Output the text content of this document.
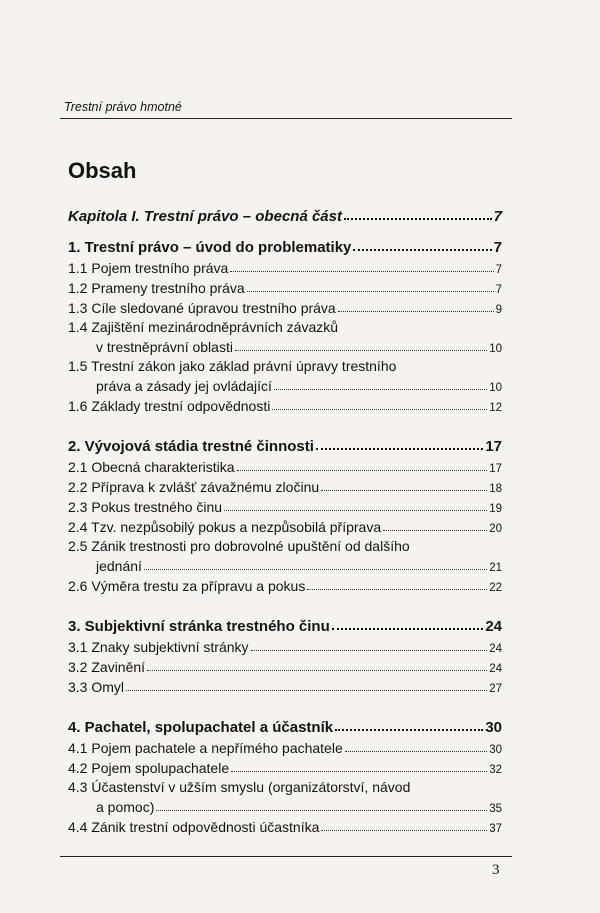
Trestní právo hmotné
Obsah
Kapitola I. Trestní právo – obecná část	7
1. Trestní právo – úvod do problematiky	7
1.1 Pojem trestního práva	7
1.2 Prameny trestního práva	7
1.3 Cíle sledované úpravou trestního práva	9
1.4 Zajištění mezinárodněprávních závazků
v trestněprávní oblasti	10
1.5 Trestní zákon jako základ právní úpravy trestního
práva a zásady jej ovládající	10
1.6 Základy trestní odpovědnosti	12
2. Vývojová stádia trestné činnosti	17
2.1 Obecná charakteristika	17
2.2 Příprava k zvlášť závažnému zločinu	18
2.3 Pokus trestného činu	19
2.4 Tzv. nezpůsobilý pokus a nezpůsobilá příprava	20
2.5 Zánik trestnosti pro dobrovolné upuštění od dalšího
jednání	21
2.6 Výměra trestu za přípravu a pokus	22
3. Subjektivní stránka trestného činu	24
3.1 Znaky subjektivní stránky	24
3.2 Zavinění	24
3.3 Omyl	27
4. Pachatel, spolupachatel a účastník	30
4.1 Pojem pachatele a nepřímého pachatele	30
4.2 Pojem spolupachatele	32
4.3 Účastenství v užším smyslu (organizátorství, návod
a pomoc)	35
4.4 Zánik trestní odpovědnosti účastníka	37
3
